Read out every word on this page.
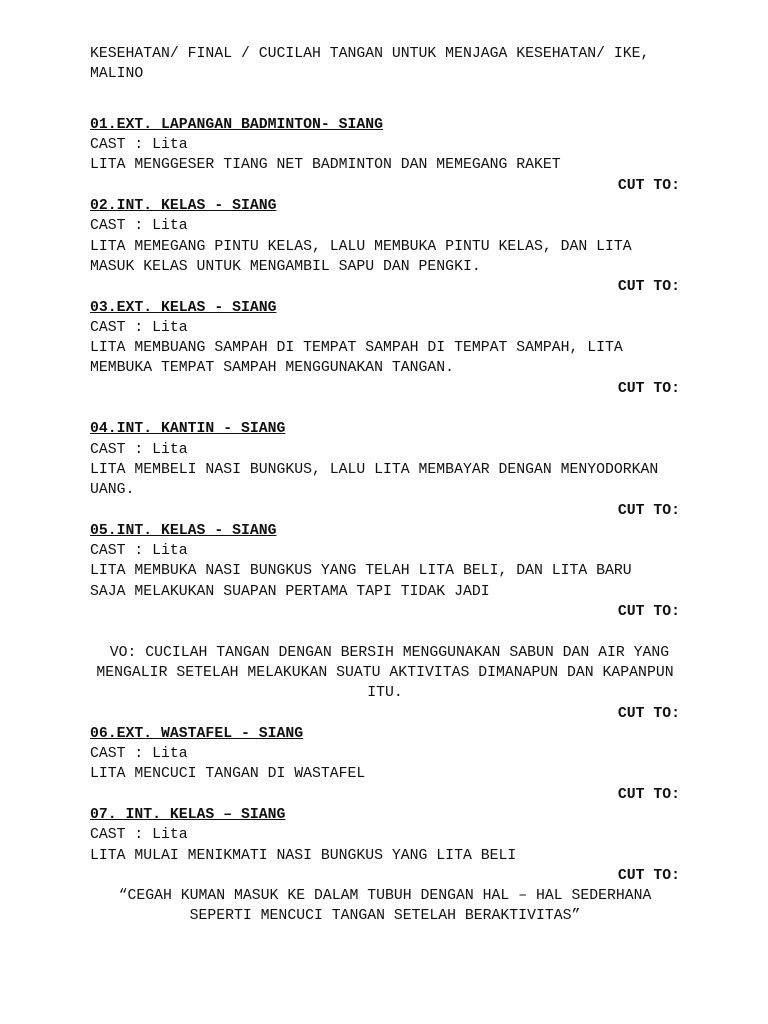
KESEHATAN/ FINAL / CUCILAH TANGAN UNTUK MENJAGA KESEHATAN/ IKE,

MALINO

01.EXT. LAPANGAN BADMINTON- SIANG

CAST : Lita

LITA MENGGESER TIANG NET BADMINTON DAN MEMEGANG RAKET

CUT TO:

02.INT. KELAS - SIANG

CAST : Lita

LITA MEMEGANG PINTU KELAS, LALU MEMBUKA PINTU KELAS, DAN LITA

MASUK KELAS UNTUK MENGAMBIL SAPU DAN PENGKI.

CUT TO:

03.EXT. KELAS - SIANG

CAST : Lita

LITA MEMBUANG SAMPAH DI TEMPAT SAMPAH DI TEMPAT SAMPAH, LITA

MEMBUKA TEMPAT SAMPAH MENGGUNAKAN TANGAN.

CUT TO:

04.INT. KANTIN - SIANG

CAST : Lita

LITA MEMBELI NASI BUNGKUS, LALU LITA MEMBAYAR DENGAN MENYODORKAN

UANG.

CUT TO:

05.INT. KELAS - SIANG

CAST : Lita

LITA MEMBUKA NASI BUNGKUS YANG TELAH LITA BELI, DAN LITA BARU

SAJA MELAKUKAN SUAPAN PERTAMA TAPI TIDAK JADI

CUT TO:

VO: CUCILAH TANGAN DENGAN BERSIH MENGGUNAKAN SABUN DAN AIR YANG

MENGALIR SETELAH MELAKUKAN SUATU AKTIVITAS DIMANAPUN DAN KAPANPUN

ITU.

CUT TO:

06.EXT. WASTAFEL - SIANG

CAST : Lita

LITA MENCUCI TANGAN DI WASTAFEL

CUT TO:

07. INT. KELAS – SIANG

CAST : Lita

LITA MULAI MENIKMATI NASI BUNGKUS YANG LITA BELI

CUT TO:

“CEGAH KUMAN MASUK KE DALAM TUBUH DENGAN HAL – HAL SEDERHANA

SEPERTI MENCUCI TANGAN SETELAH BERAKTIVITAS”
